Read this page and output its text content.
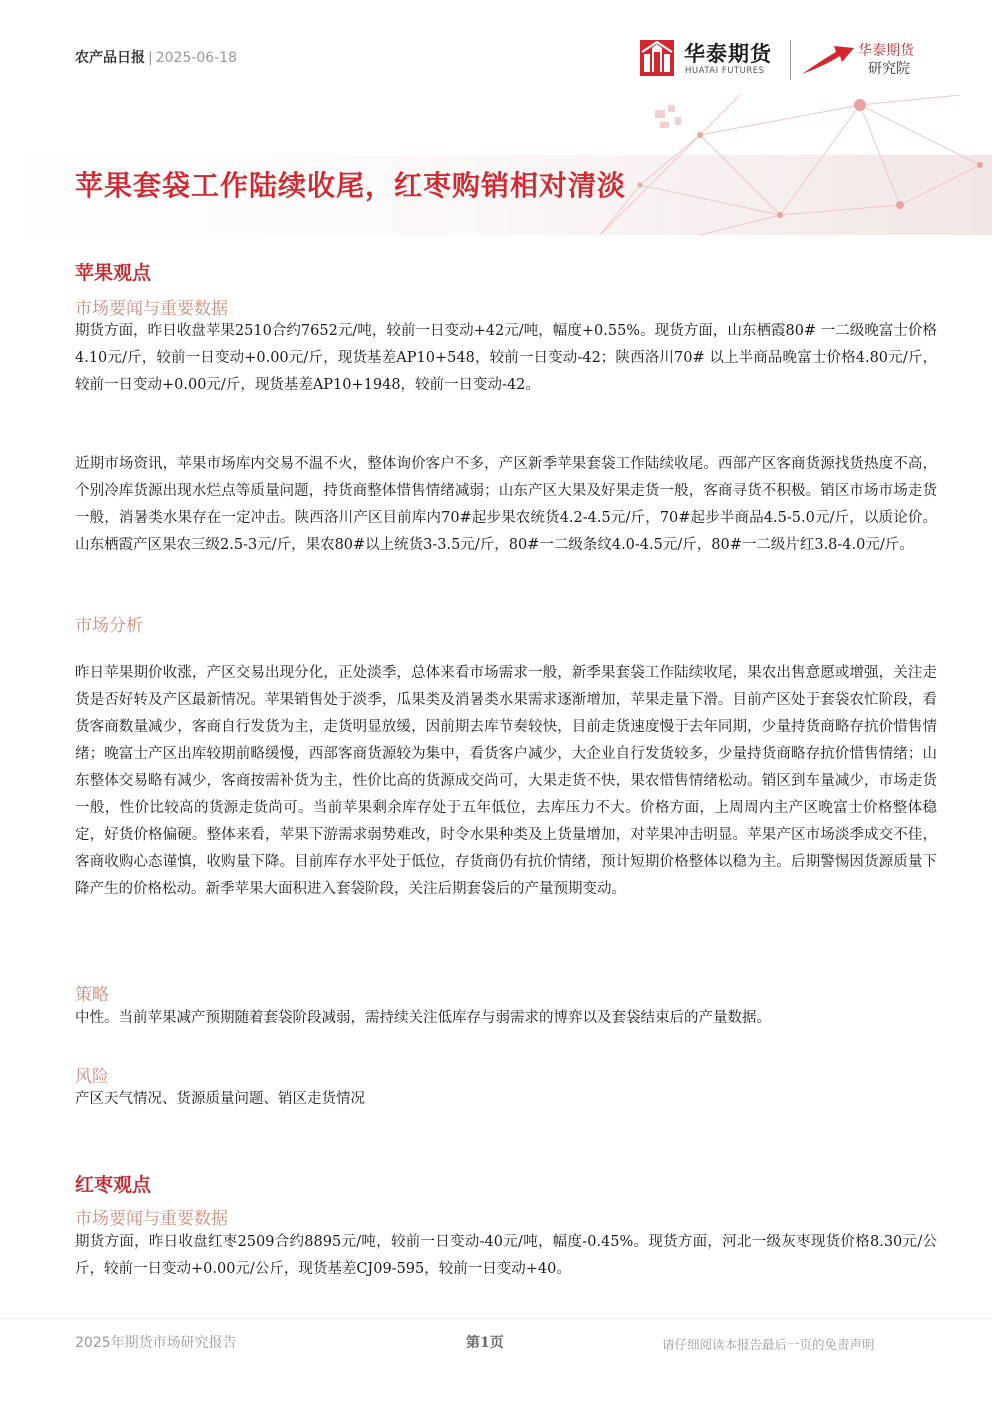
农产品日报 | 2025-06-18	华泰期货
HUATAI FUTURES
华泰期货
研究院
苹果套袋工作陆续收尾，红枣购销相对清淡
苹果观点
市场要闻与重要数据

期货方面，昨日收盘苹果2510合约7652元/吨，较前一日变动+42元/吨，幅度+0.55%。现货方面，山东栖霞80# 一二级晚富士价格4.10元/斤，较前一日变动+0.00元/斤，现货基差AP10+548，较前一日变动-42；陕西洛川70# 以上半商品晚富士价格4.80元/斤，较前一日变动+0.00元/斤，现货基差AP10+1948，较前一日变动-42。

近期市场资讯，苹果市场库内交易不温不火，整体询价客户不多，产区新季苹果套袋工作陆续收尾。西部产区客商货源找货热度不高，个别冷库货源出现水烂点等质量问题，持货商整体惜售情绪减弱；山东产区大果及好果走货一般，客商寻货不积极。销区市场市场走货一般，消暑类水果存在一定冲击。陕西洛川产区目前库内70#起步果农统货4.2-4.5元/斤，70#起步半商品4.5-5.0元/斤，以质论价。 山东栖霞产区果农三级2.5-3元/斤，果农80#以上统货3-3.5元/斤，80#一二级条纹4.0-4.5元/斤，80#一二级片红3.8-4.0元/斤。

市场分析

昨日苹果期价收涨，产区交易出现分化，正处淡季，总体来看市场需求一般，新季果套袋工作陆续收尾，果农出售意愿或增强，关注走货是否好转及产区最新情况。苹果销售处于淡季，瓜果类及消暑类水果需求逐渐增加，苹果走量下滑。目前产区处于套袋农忙阶段，看货客商数量减少，客商自行发货为主，走货明显放缓，因前期去库节奏较快，目前走货速度慢于去年同期，少量持货商略存抗价惜售情绪；晚富士产区出库较期前略缓慢，西部客商货源较为集中，看货客户减少，大企业自行发货较多，少量持货商略存抗价惜售情绪；山东整体交易略有减少，客商按需补货为主，性价比高的货源成交尚可，大果走货不快，果农惜售情绪松动。销区到车量减少，市场走货一般，性价比较高的货源走货尚可。当前苹果剩余库存处于五年低位，去库压力不大。价格方面，上周周内主产区晚富士价格整体稳定，好货价格偏硬。整体来看，苹果下游需求弱势难改，时令水果种类及上货量增加，对苹果冲击明显。苹果产区市场淡季成交不佳，客商收购心态谨慎，收购量下降。目前库存水平处于低位，存货商仍有抗价情绪，预计短期价格整体以稳为主。后期警惕因货源质量下降产生的价格松动。新季苹果大面积进入套袋阶段，关注后期套袋后的产量预期变动。

策略

中性。当前苹果减产预期随着套袋阶段减弱，需持续关注低库存与弱需求的博弈以及套袋结束后的产量数据。

风险

产区天气情况、货源质量问题、销区走货情况

红枣观点
市场要闻与重要数据

期货方面，昨日收盘红枣2509合约8895元/吨，较前一日变动-40元/吨，幅度-0.45%。现货方面，河北一级灰枣现货价格8.30元/公斤，较前一日变动+0.00元/公斤，现货基差CJ09-595，较前一日变动+40。

2025年期货市场研究报告	第1页	请仔细阅读本报告最后一页的免责声明
